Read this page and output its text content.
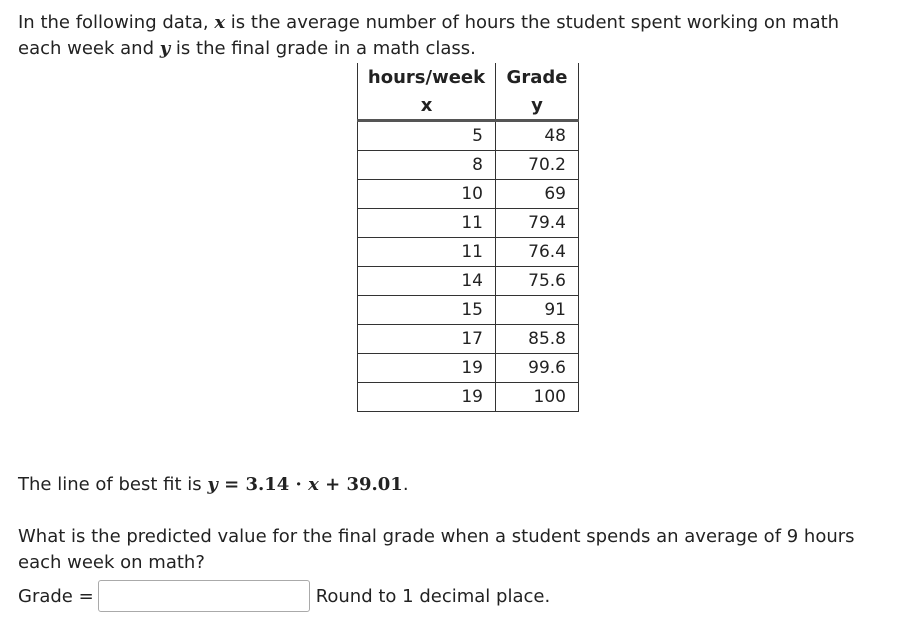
In the following data, x is the average number of hours the student spent working on math each week and y is the final grade in a math class.

hours/week	Grade
x	y
5	48
8	70.2
10	69
11	79.4
11	76.4
14	75.6
15	91
17	85.8
19	99.6
19	100

The line of best fit is y = 3.14 · x + 39.01.

What is the predicted value for the final grade when a student spends an average of 9 hours each week on math?

Grade =	Round to 1 decimal place.
